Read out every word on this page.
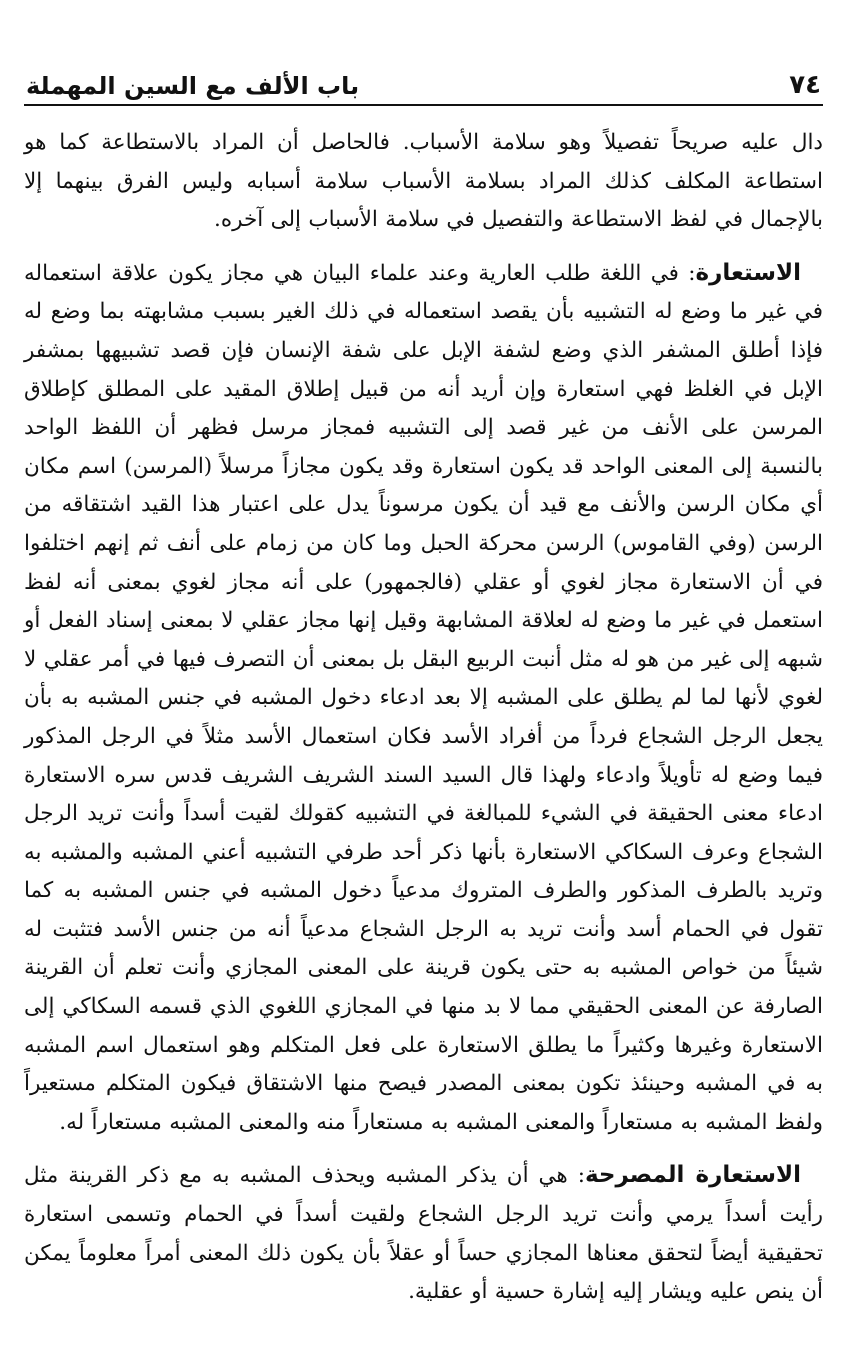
٧٤
باب الألف مع السين المهملة

دال عليه صريحاً تفصيلاً وهو سلامة الأسباب. فالحاصل أن المراد بالاستطاعة كما هو استطاعة المكلف كذلك المراد بسلامة الأسباب سلامة أسبابه وليس الفرق بينهما إلا بالإجمال في لفظ الاستطاعة والتفصيل في سلامة الأسباب إلى آخره.

الاستعارة: في اللغة طلب العارية وعند علماء البيان هي مجاز يكون علاقة استعماله في غير ما وضع له التشبيه بأن يقصد استعماله في ذلك الغير بسبب مشابهته بما وضع له فإذا أطلق المشفر الذي وضع لشفة الإبل على شفة الإنسان فإن قصد تشبيهها بمشفر الإبل في الغلظ فهي استعارة وإن أريد أنه من قبيل إطلاق المقيد على المطلق كإطلاق المرسن على الأنف من غير قصد إلى التشبيه فمجاز مرسل فظهر أن اللفظ الواحد بالنسبة إلى المعنى الواحد قد يكون استعارة وقد يكون مجازاً مرسلاً (المرسن) اسم مكان أي مكان الرسن والأنف مع قيد أن يكون مرسوناً يدل على اعتبار هذا القيد اشتقاقه من الرسن (وفي القاموس) الرسن محركة الحبل وما كان من زمام على أنف ثم إنهم اختلفوا في أن الاستعارة مجاز لغوي أو عقلي (فالجمهور) على أنه مجاز لغوي بمعنى أنه لفظ استعمل في غير ما وضع له لعلاقة المشابهة وقيل إنها مجاز عقلي لا بمعنى إسناد الفعل أو شبهه إلى غير من هو له مثل أنبت الربيع البقل بل بمعنى أن التصرف فيها في أمر عقلي لا لغوي لأنها لما لم يطلق على المشبه إلا بعد ادعاء دخول المشبه في جنس المشبه به بأن يجعل الرجل الشجاع فرداً من أفراد الأسد فكان استعمال الأسد مثلاً في الرجل المذكور فيما وضع له تأويلاً وادعاء ولهذا قال السيد السند الشريف الشريف قدس سره الاستعارة ادعاء معنى الحقيقة في الشيء للمبالغة في التشبيه كقولك لقيت أسداً وأنت تريد الرجل الشجاع وعرف السكاكي الاستعارة بأنها ذكر أحد طرفي التشبيه أعني المشبه والمشبه به وتريد بالطرف المذكور والطرف المتروك مدعياً دخول المشبه في جنس المشبه به كما تقول في الحمام أسد وأنت تريد به الرجل الشجاع مدعياً أنه من جنس الأسد فتثبت له شيئاً من خواص المشبه به حتى يكون قرينة على المعنى المجازي وأنت تعلم أن القرينة الصارفة عن المعنى الحقيقي مما لا بد منها في المجازي اللغوي الذي قسمه السكاكي إلى الاستعارة وغيرها وكثيراً ما يطلق الاستعارة على فعل المتكلم وهو استعمال اسم المشبه به في المشبه وحينئذ تكون بمعنى المصدر فيصح منها الاشتقاق فيكون المتكلم مستعيراً ولفظ المشبه به مستعاراً والمعنى المشبه به مستعاراً منه والمعنى المشبه مستعاراً له.

الاستعارة المصرحة: هي أن يذكر المشبه ويحذف المشبه به مع ذكر القرينة مثل رأيت أسداً يرمي وأنت تريد الرجل الشجاع ولقيت أسداً في الحمام وتسمى استعارة تحقيقية أيضاً لتحقق معناها المجازي حساً أو عقلاً بأن يكون ذلك المعنى أمراً معلوماً يمكن أن ينص عليه ويشار إليه إشارة حسية أو عقلية.
